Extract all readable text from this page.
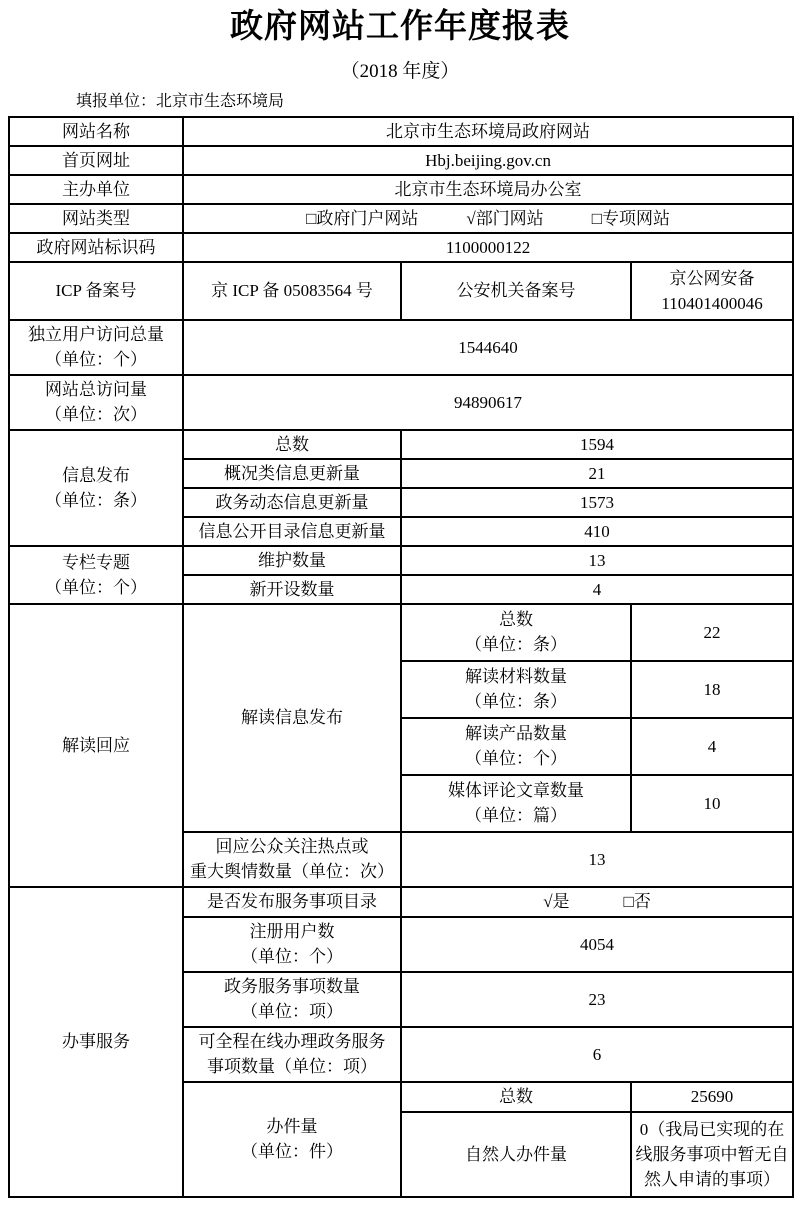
政府网站工作年度报表
（2018 年度）
填报单位：北京市生态环境局
网站名称	北京市生态环境局政府网站		
首页网址	Hbj.beijing.gov.cn		
主办单位	北京市生态环境局办公室		
网站类型	□政府门户网站 √部门网站 □专项网站		

政府网站标识码	1100000122		
ICP 备案号	京 ICP 备 05083564 号	公安机关备案号	京公网安备
110401400046

独立用户访问总量
（单位：个）	1544640		

网站总访问量
（单位：次）	94890617		

信息发布
（单位：条）	总数	1594	
	概况类信息更新量	21	
	政务动态信息更新量	1573	
	信息公开目录信息更新量	410	

专栏专题
（单位：个）	维护数量	13	
	新开设数量	4	
解读回应	解读信息发布	总数
（单位：条）	22

		解读材料数量
（单位：条）	18

		解读产品数量
（单位：个）	4

		媒体评论文章数量
（单位：篇）	10

	回应公众关注热点或
重大舆情数量（单位：次）	13	
办事服务	是否发布服务事项目录	√是 □否	

	注册用户数
（单位：个）	4054	

	政务服务事项数量
（单位：项）	23	

	可全程在线办理政务服务
事项数量（单位：项）	6	

	办件量
（单位：件）	总数	25690
		自然人办件量	0（我局已实现的在线服务事项中暂无自然人申请的事项）
